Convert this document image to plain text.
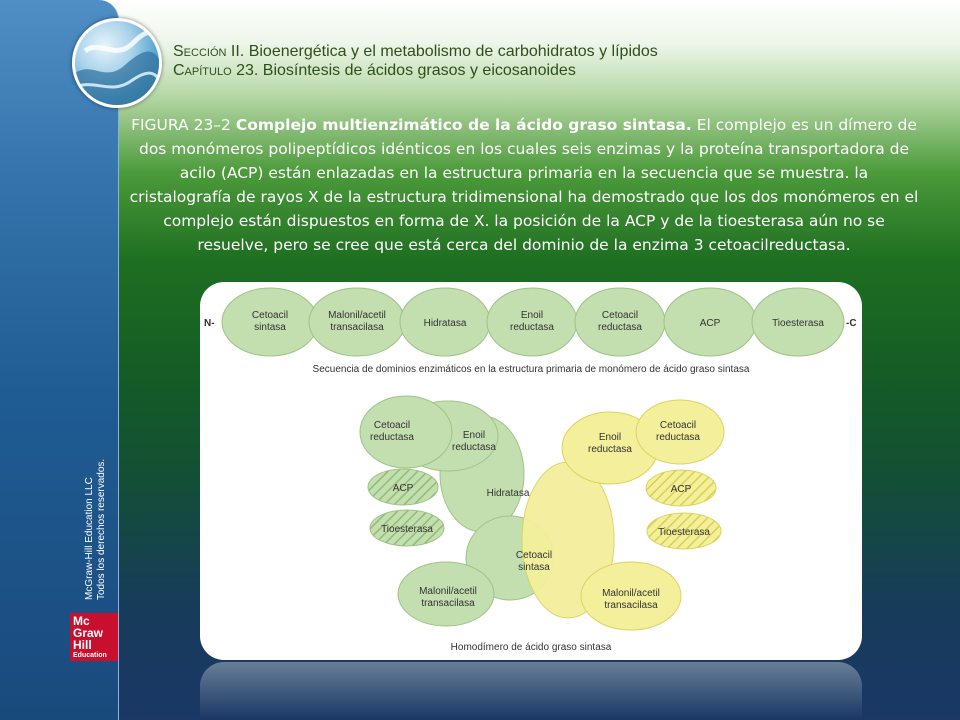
McGraw-Hill Education LLC Todos los derechos reservados.
Mc
Graw
Hill
Education
Sección II. Bioenergética y el metabolismo de carbohidratos y lípidos
Capítulo 23. Biosíntesis de ácidos grasos y eicosanoides
FIGURA 23–2 Complejo multienzimático de la ácido graso sintasa. El complejo es un dímero de dos monómeros polipeptídicos idénticos en los cuales seis enzimas y la proteína transportadora de acilo (ACP) están enlazadas en la estructura primaria en la secuencia que se muestra. la cristalografía de rayos X de la estructura tridimensional ha demostrado que los dos monómeros en el complejo están dispuestos en forma de X. la posición de la ACP y de la tioesterasa aún no se resuelve, pero se cree que está cerca del dominio de la enzima 3 cetoacilreductasa.
N-	-C
Cetoacil
sintasa
Malonil/acetil
transacilasa	Hidratasa
Enoil
reductasa
Cetoacil
reductasa	ACP	Tioesterasa
Secuencia de dominios enzimáticos en la estructura primaria de monómero de ácido graso sintasa
Cetoacil
reductasa	Enoil
reductasa
ACP
Tioesterasa
Hidratasa
Cetoacil
sintasa
Malonil/acetil
transacilasa
Enoil
reductasa
Cetoacil
reductasa
ACP
Tioesterasa
Malonil/acetil
transacilasa
Homodímero de ácido graso sintasa
